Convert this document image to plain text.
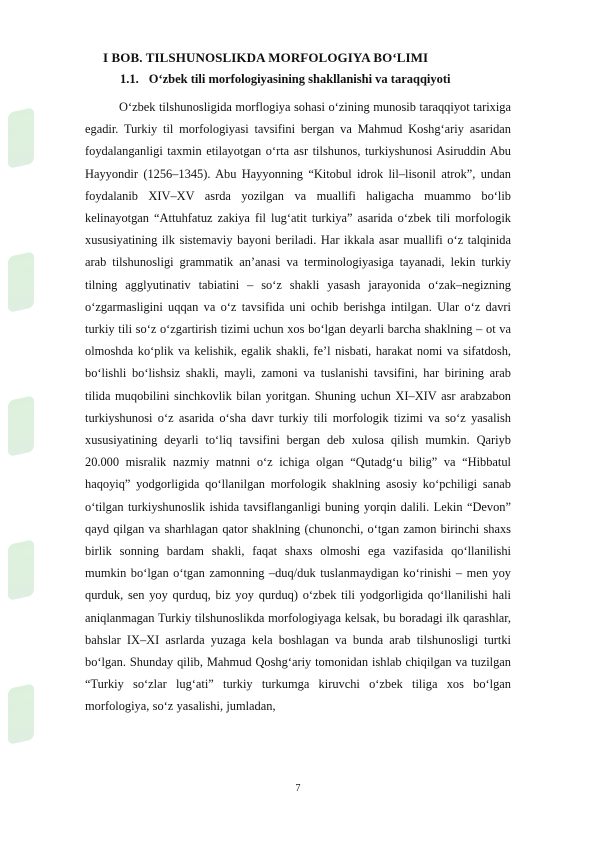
I BOB. TILSHUNOSLIKDA MORFOLOGIYA BO‘LIMI
1.1. O‘zbek tili morfologiyasining shakllanishi va taraqqiyoti

O‘zbek tilshunosligida morflogiya sohasi o‘zining munosib taraqqiyot tarixiga egadir. Turkiy til morfologiyasi tavsifini bergan va Mahmud Koshg‘ariy asaridan foydalanganligi taxmin etilayotgan o‘rta asr tilshunos, turkiyshunosi Asiruddin Abu Hayyondir (1256–1345). Abu Hayyonning “Kitobul idrok lil–lisonil atrok”, undan foydalanib XIV–XV asrda yozilgan va muallifi haligacha muammo bo‘lib kelinayotgan “Attuhfatuz zakiya fil lug‘atit turkiya” asarida o‘zbek tili morfologik xususiyatining ilk sistemaviy bayoni beriladi. Har ikkala asar muallifi o‘z talqinida arab tilshunosligi grammatik an’anasi va terminologiyasiga tayanadi, lekin turkiy tilning agglyutinativ tabiatini – so‘z shakli yasash jarayonida o‘zak–negizning o‘zgarmasligini uqqan va o‘z tavsifida uni ochib berishga intilgan. Ular o‘z davri turkiy tili so‘z o‘zgartirish tizimi uchun xos bo‘lgan deyarli barcha shaklning – ot va olmoshda ko‘plik va kelishik, egalik shakli, fe’l nisbati, harakat nomi va sifatdosh, bo‘lishli bo‘lishsiz shakli, mayli, zamoni va tuslanishi tavsifini, har birining arab tilida muqobilini sinchkovlik bilan yoritgan. Shuning uchun XI–XIV asr arabzabon turkiyshunosi o‘z asarida o‘sha davr turkiy tili morfologik tizimi va so‘z yasalish xususiyatining deyarli to‘liq tavsifini bergan deb xulosa qilish mumkin. Qariyb 20.000 misralik nazmiy matnni o‘z ichiga olgan “Qutadg‘u bilig” va “Hibbatul haqoyiq” yodgorligida qo‘llanilgan morfologik shaklning asosiy ko‘pchiligi sanab o‘tilgan turkiyshunoslik ishida tavsiflanganligi buning yorqin dalili. Lekin “Devon” qayd qilgan va sharhlagan qator shaklning (chunonchi, o‘tgan zamon birinchi shaxs birlik sonning bardam shakli, faqat shaxs olmoshi ega vazifasida qo‘llanilishi mumkin bo‘lgan o‘tgan zamonning –duq/duk tuslanmaydigan ko‘rinishi – men yoy qurduk, sen yoy qurduq, biz yoy qurduq) o‘zbek tili yodgorligida qo‘llanilishi hali aniqlanmagan Turkiy tilshunoslikda morfologiyaga kelsak, bu boradagi ilk qarashlar, bahslar IX–XI asrlarda yuzaga kela boshlagan va bunda arab tilshunosligi turtki bo‘lgan. Shunday qilib, Mahmud Qoshg‘ariy tomonidan ishlab chiqilgan va tuzilgan “Turkiy so‘zlar lug‘ati” turkiy turkumga kiruvchi o‘zbek tiliga xos bo‘lgan morfologiya, so‘z yasalishi, jumladan,

7
